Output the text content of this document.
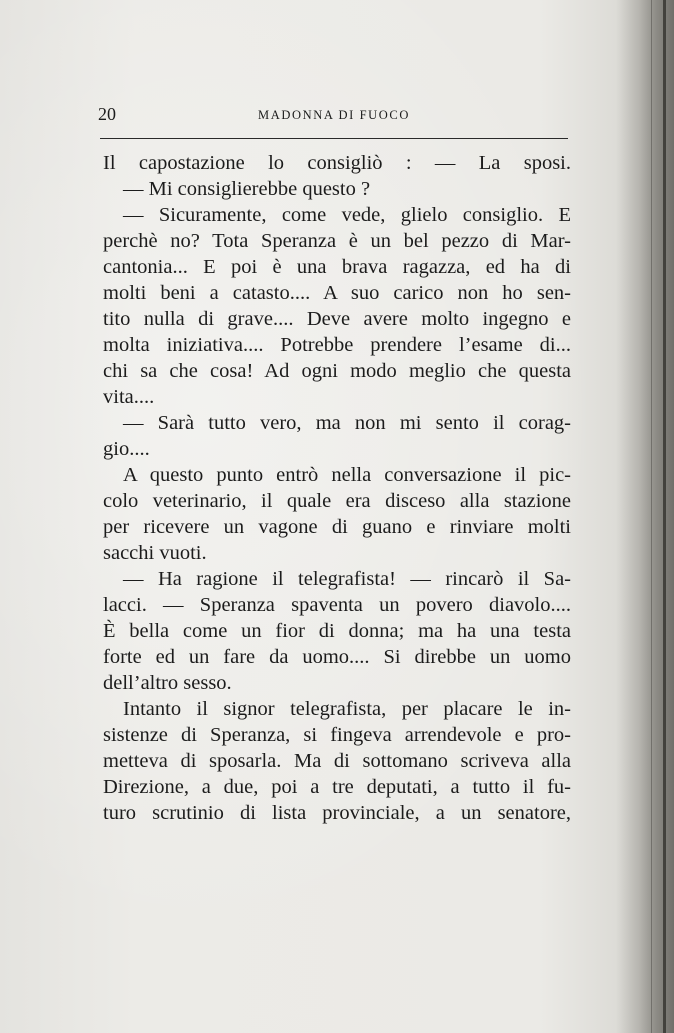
20	MADONNA DI FUOCO
Il capostazione lo consigliò : — La sposi.
— Mi consiglierebbe questo ?
— Sicuramente, come vede, glielo consiglio. E
perchè no? Tota Speranza è un bel pezzo di Mar-
cantonia... E poi è una brava ragazza, ed ha di
molti beni a catasto.... A suo carico non ho sen-
tito nulla di grave.... Deve avere molto ingegno e
molta iniziativa.... Potrebbe prendere l’esame di...
chi sa che cosa! Ad ogni modo meglio che questa
vita....
— Sarà tutto vero, ma non mi sento il corag-
gio....
A questo punto entrò nella conversazione il pic-
colo veterinario, il quale era disceso alla stazione
per ricevere un vagone di guano e rinviare molti
sacchi vuoti.
— Ha ragione il telegrafista! — rincarò il Sa-
lacci. — Speranza spaventa un povero diavolo....
È bella come un fior di donna; ma ha una testa
forte ed un fare da uomo.... Si direbbe un uomo
dell’altro sesso.
Intanto il signor telegrafista, per placare le in-
sistenze di Speranza, si fingeva arrendevole e pro-
metteva di sposarla. Ma di sottomano scriveva alla
Direzione, a due, poi a tre deputati, a tutto il fu-
turo scrutinio di lista provinciale, a un senatore,
